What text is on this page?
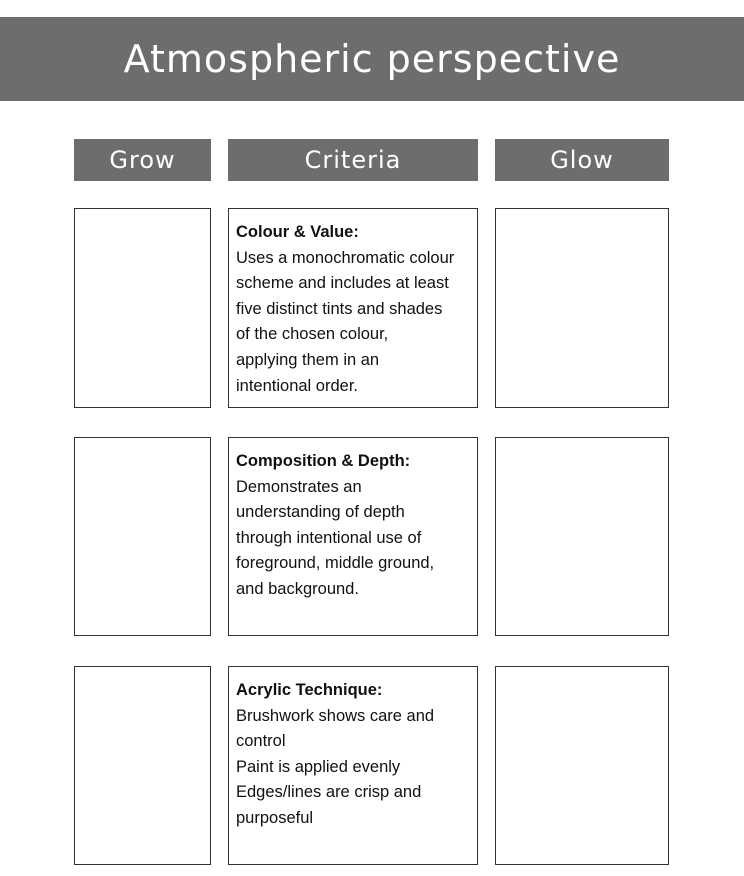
Atmospheric perspective
Grow	Criteria	Glow
Colour & Value:
Uses a monochromatic colour
scheme and includes at least
five distinct tints and shades
of the chosen colour,
applying them in an
intentional order.
Composition & Depth:
Demonstrates an
understanding of depth
through intentional use of
foreground, middle ground,
and background.
Acrylic Technique:
Brushwork shows care and
control
Paint is applied evenly
Edges/lines are crisp and
purposeful
